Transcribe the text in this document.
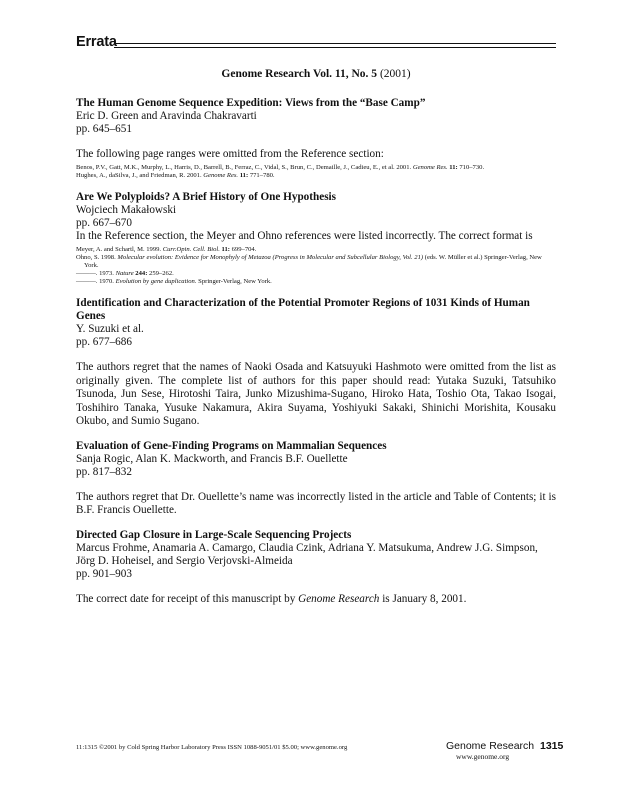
Errata
Genome Research Vol. 11, No. 5 (2001)

The Human Genome Sequence Expedition: Views from the “Base Camp”

Eric D. Green and Aravinda Chakravarti

pp. 645–651

The following page ranges were omitted from the Reference section:

Benos, P.V., Gatt, M.K., Murphy, L., Harris, D., Barrell, B., Ferraz, C., Vidal, S., Brun, C., Demaille, J., Cadieu, E., et al. 2001. Genome Res. 11: 710–730.

Hughes, A., daSilva, J., and Friedman, R. 2001. Genome Res. 11: 771–780.

Are We Polyploids? A Brief History of One Hypothesis

Wojciech Makałowski

pp. 667–670

In the Reference section, the Meyer and Ohno references were listed incorrectly. The correct format is

Meyer, A. and Schartl, M. 1999. Curr.Opin. Cell. Biol. 11: 699–704.

Ohno, S. 1998. Molecular evolution: Evidence for Monophyly of Metazoa (Progress in Molecular and Subcellular Biology, Vol. 21) (eds. W. Müller et al.) Springer-Verlag, New York.

———. 1973. Nature 244: 259–262.

———. 1970. Evolution by gene duplication. Springer-Verlag, New York.

Identification and Characterization of the Potential Promoter Regions of 1031 Kinds of Human Genes

Y. Suzuki et al.

pp. 677–686

The authors regret that the names of Naoki Osada and Katsuyuki Hashmoto were omitted from the list as originally given. The complete list of authors for this paper should read: Yutaka Suzuki, Tatsuhiko Tsunoda, Jun Sese, Hirotoshi Taira, Junko Mizushima-Sugano, Hiroko Hata, Toshio Ota, Takao Isogai, Toshihiro Tanaka, Yusuke Nakamura, Akira Suyama, Yoshiyuki Sakaki, Shinichi Morishita, Kousaku Okubo, and Sumio Sugano.

Evaluation of Gene-Finding Programs on Mammalian Sequences

Sanja Rogic, Alan K. Mackworth, and Francis B.F. Ouellette

pp. 817–832

The authors regret that Dr. Ouellette’s name was incorrectly listed in the article and Table of Contents; it is B.F. Francis Ouellette.

Directed Gap Closure in Large-Scale Sequencing Projects

Marcus Frohme, Anamaria A. Camargo, Claudia Czink, Adriana Y. Matsukuma, Andrew J.G. Simpson,

Jörg D. Hoheisel, and Sergio Verjovski-Almeida

pp. 901–903

The correct date for receipt of this manuscript by Genome Research is January 8, 2001.

11:1315 ©2001 by Cold Spring Harbor Laboratory Press ISSN 1088-9051/01 $5.00; www.genome.org	Genome Research 1315
www.genome.org
